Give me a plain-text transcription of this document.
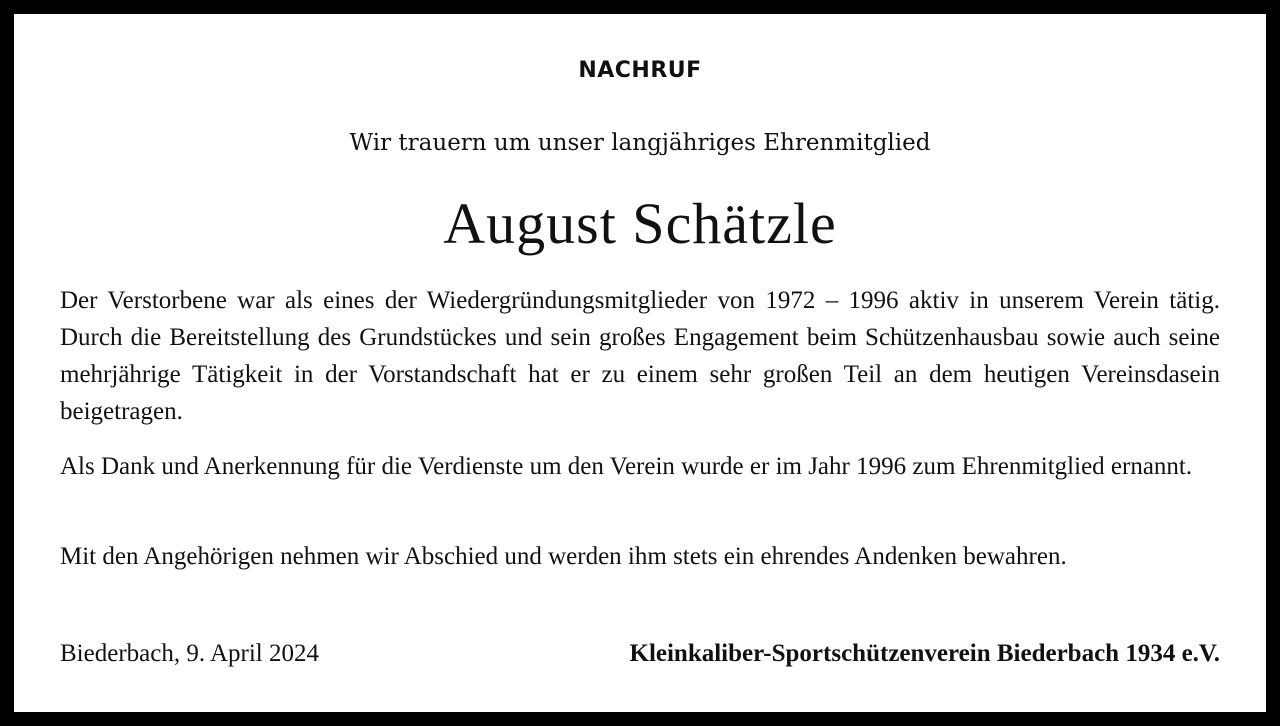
NACHRUF
Wir trauern um unser langjähriges Ehrenmitglied
August Schätzle
Der Verstorbene war als eines der Wiedergründungsmitglieder von 1972 – 1996 aktiv in unserem Verein tätig. Durch die Bereitstellung des Grundstückes und sein großes Engagement beim Schützenhausbau sowie auch seine mehrjährige Tätigkeit in der Vorstandschaft hat er zu einem sehr großen Teil an dem heutigen Vereinsdasein beigetragen.
Als Dank und Anerkennung für die Verdienste um den Verein wurde er im Jahr 1996 zum Ehrenmitglied ernannt.
Mit den Angehörigen nehmen wir Abschied und werden ihm stets ein ehrendes Andenken bewahren.
Biederbach, 9. April 2024	Kleinkaliber-Sportschützenverein Biederbach 1934 e.V.
